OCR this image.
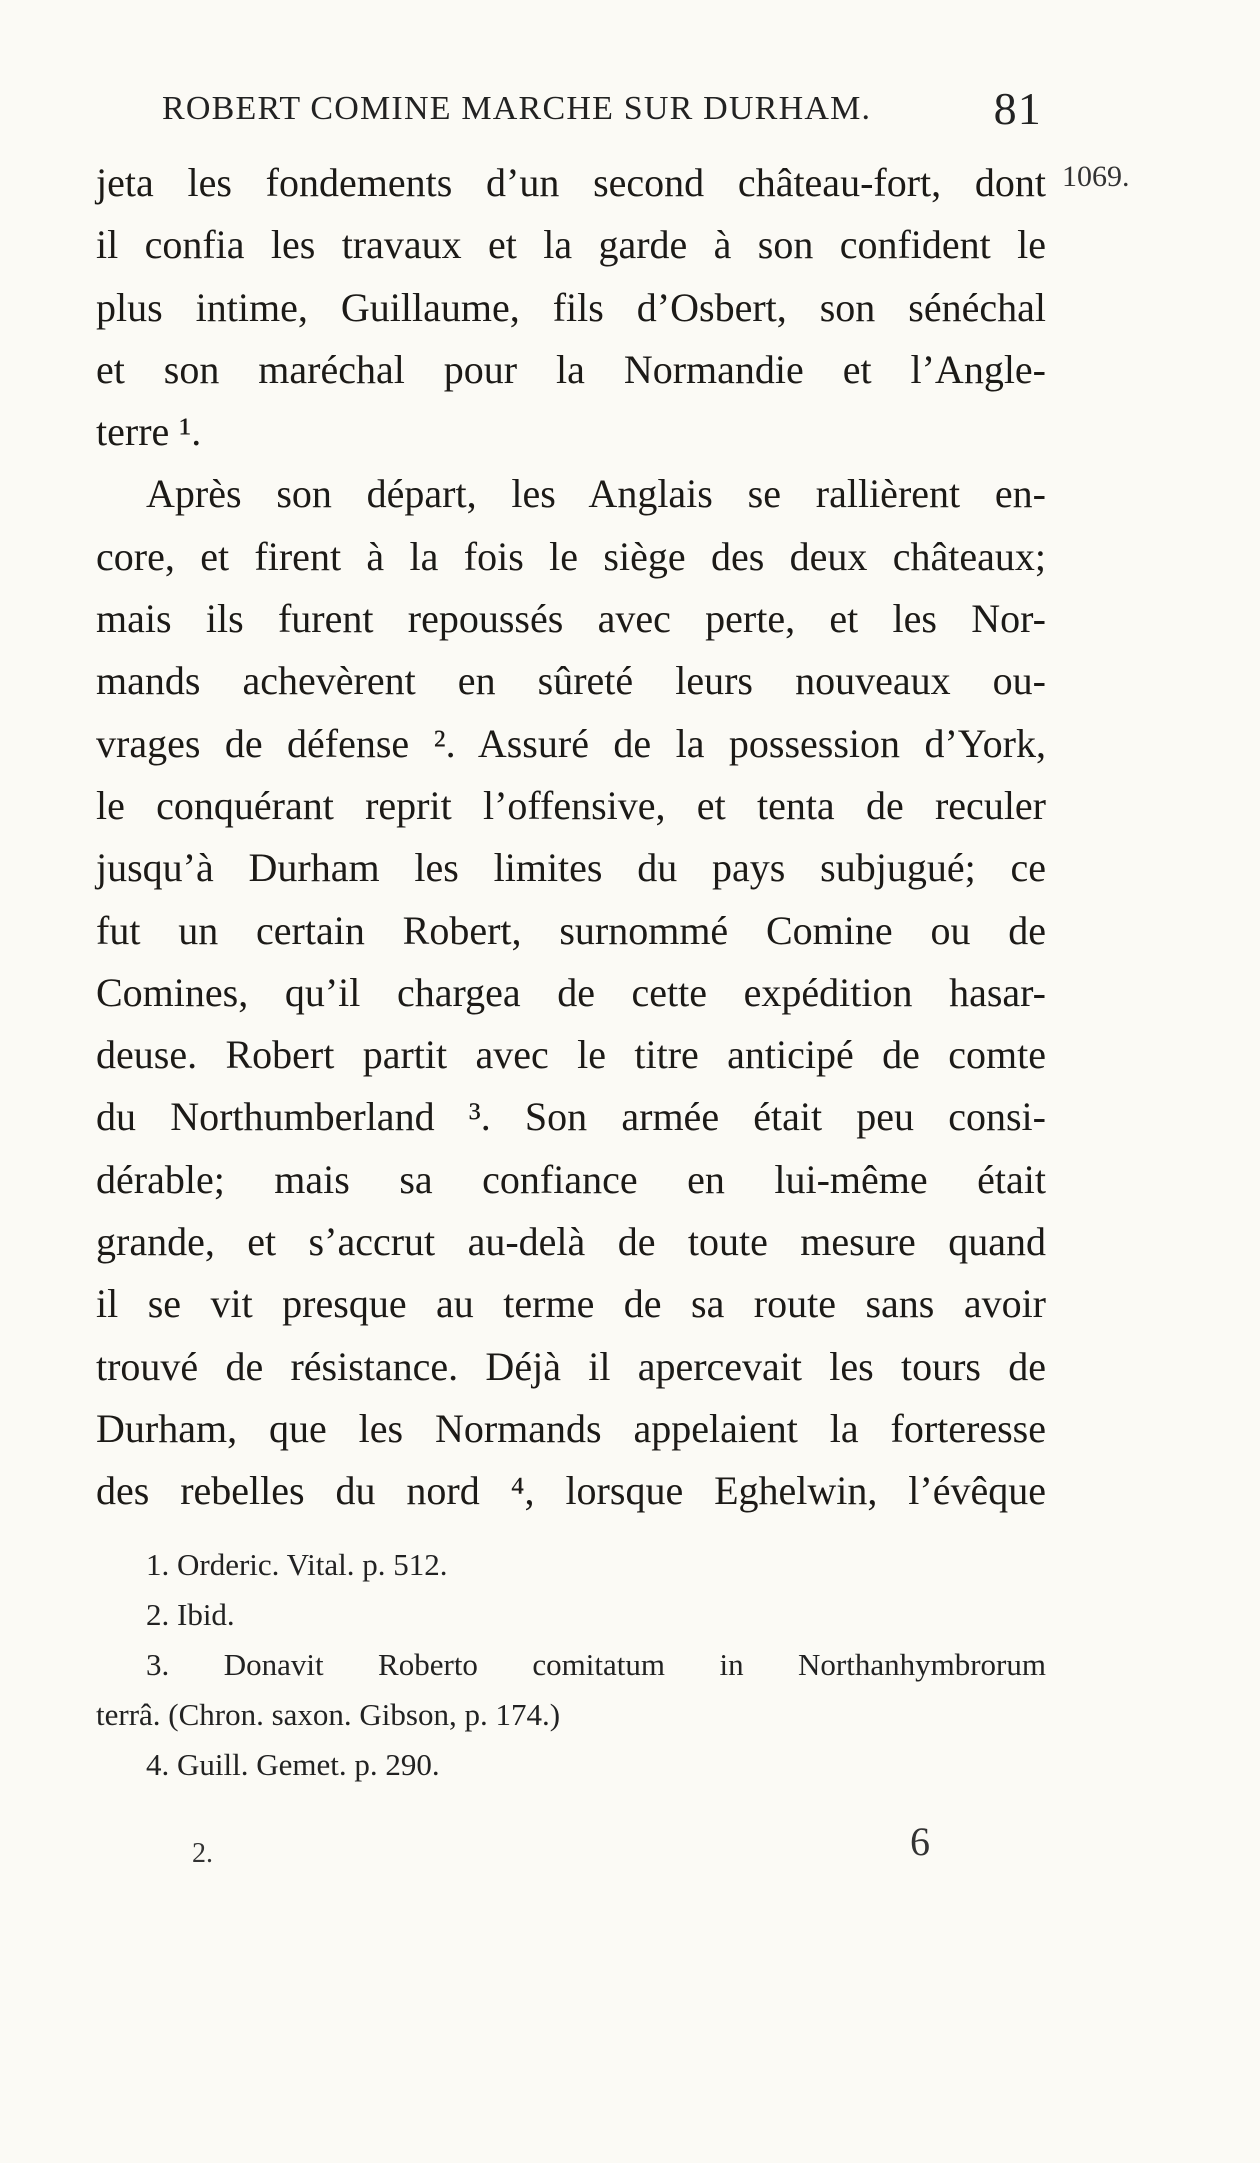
ROBERT COMINE MARCHE SUR DURHAM.	81
1069.
jeta les fondements d’un second château-fort, dont
il confia les travaux et la garde à son confident le
plus intime, Guillaume, fils d’Osbert, son sénéchal
et son maréchal pour la Normandie et l’Angle-
terre ¹.
Après son départ, les Anglais se rallièrent en-
core, et firent à la fois le siège des deux châteaux;
mais ils furent repoussés avec perte, et les Nor-
mands achevèrent en sûreté leurs nouveaux ou-
vrages de défense ². Assuré de la possession d’York,
le conquérant reprit l’offensive, et tenta de reculer
jusqu’à Durham les limites du pays subjugué; ce
fut un certain Robert, surnommé Comine ou de
Comines, qu’il chargea de cette expédition hasar-
deuse. Robert partit avec le titre anticipé de comte
du Northumberland ³. Son armée était peu consi-
dérable; mais sa confiance en lui-même était
grande, et s’accrut au-delà de toute mesure quand
il se vit presque au terme de sa route sans avoir
trouvé de résistance. Déjà il apercevait les tours de
Durham, que les Normands appelaient la forteresse
des rebelles du nord ⁴, lorsque Eghelwin, l’évêque
1. Orderic. Vital. p. 512.
2. Ibid.
3. Donavit Roberto comitatum in Northanhymbrorum
terrâ. (Chron. saxon. Gibson, p. 174.)
4. Guill. Gemet. p. 290.
2.	6
